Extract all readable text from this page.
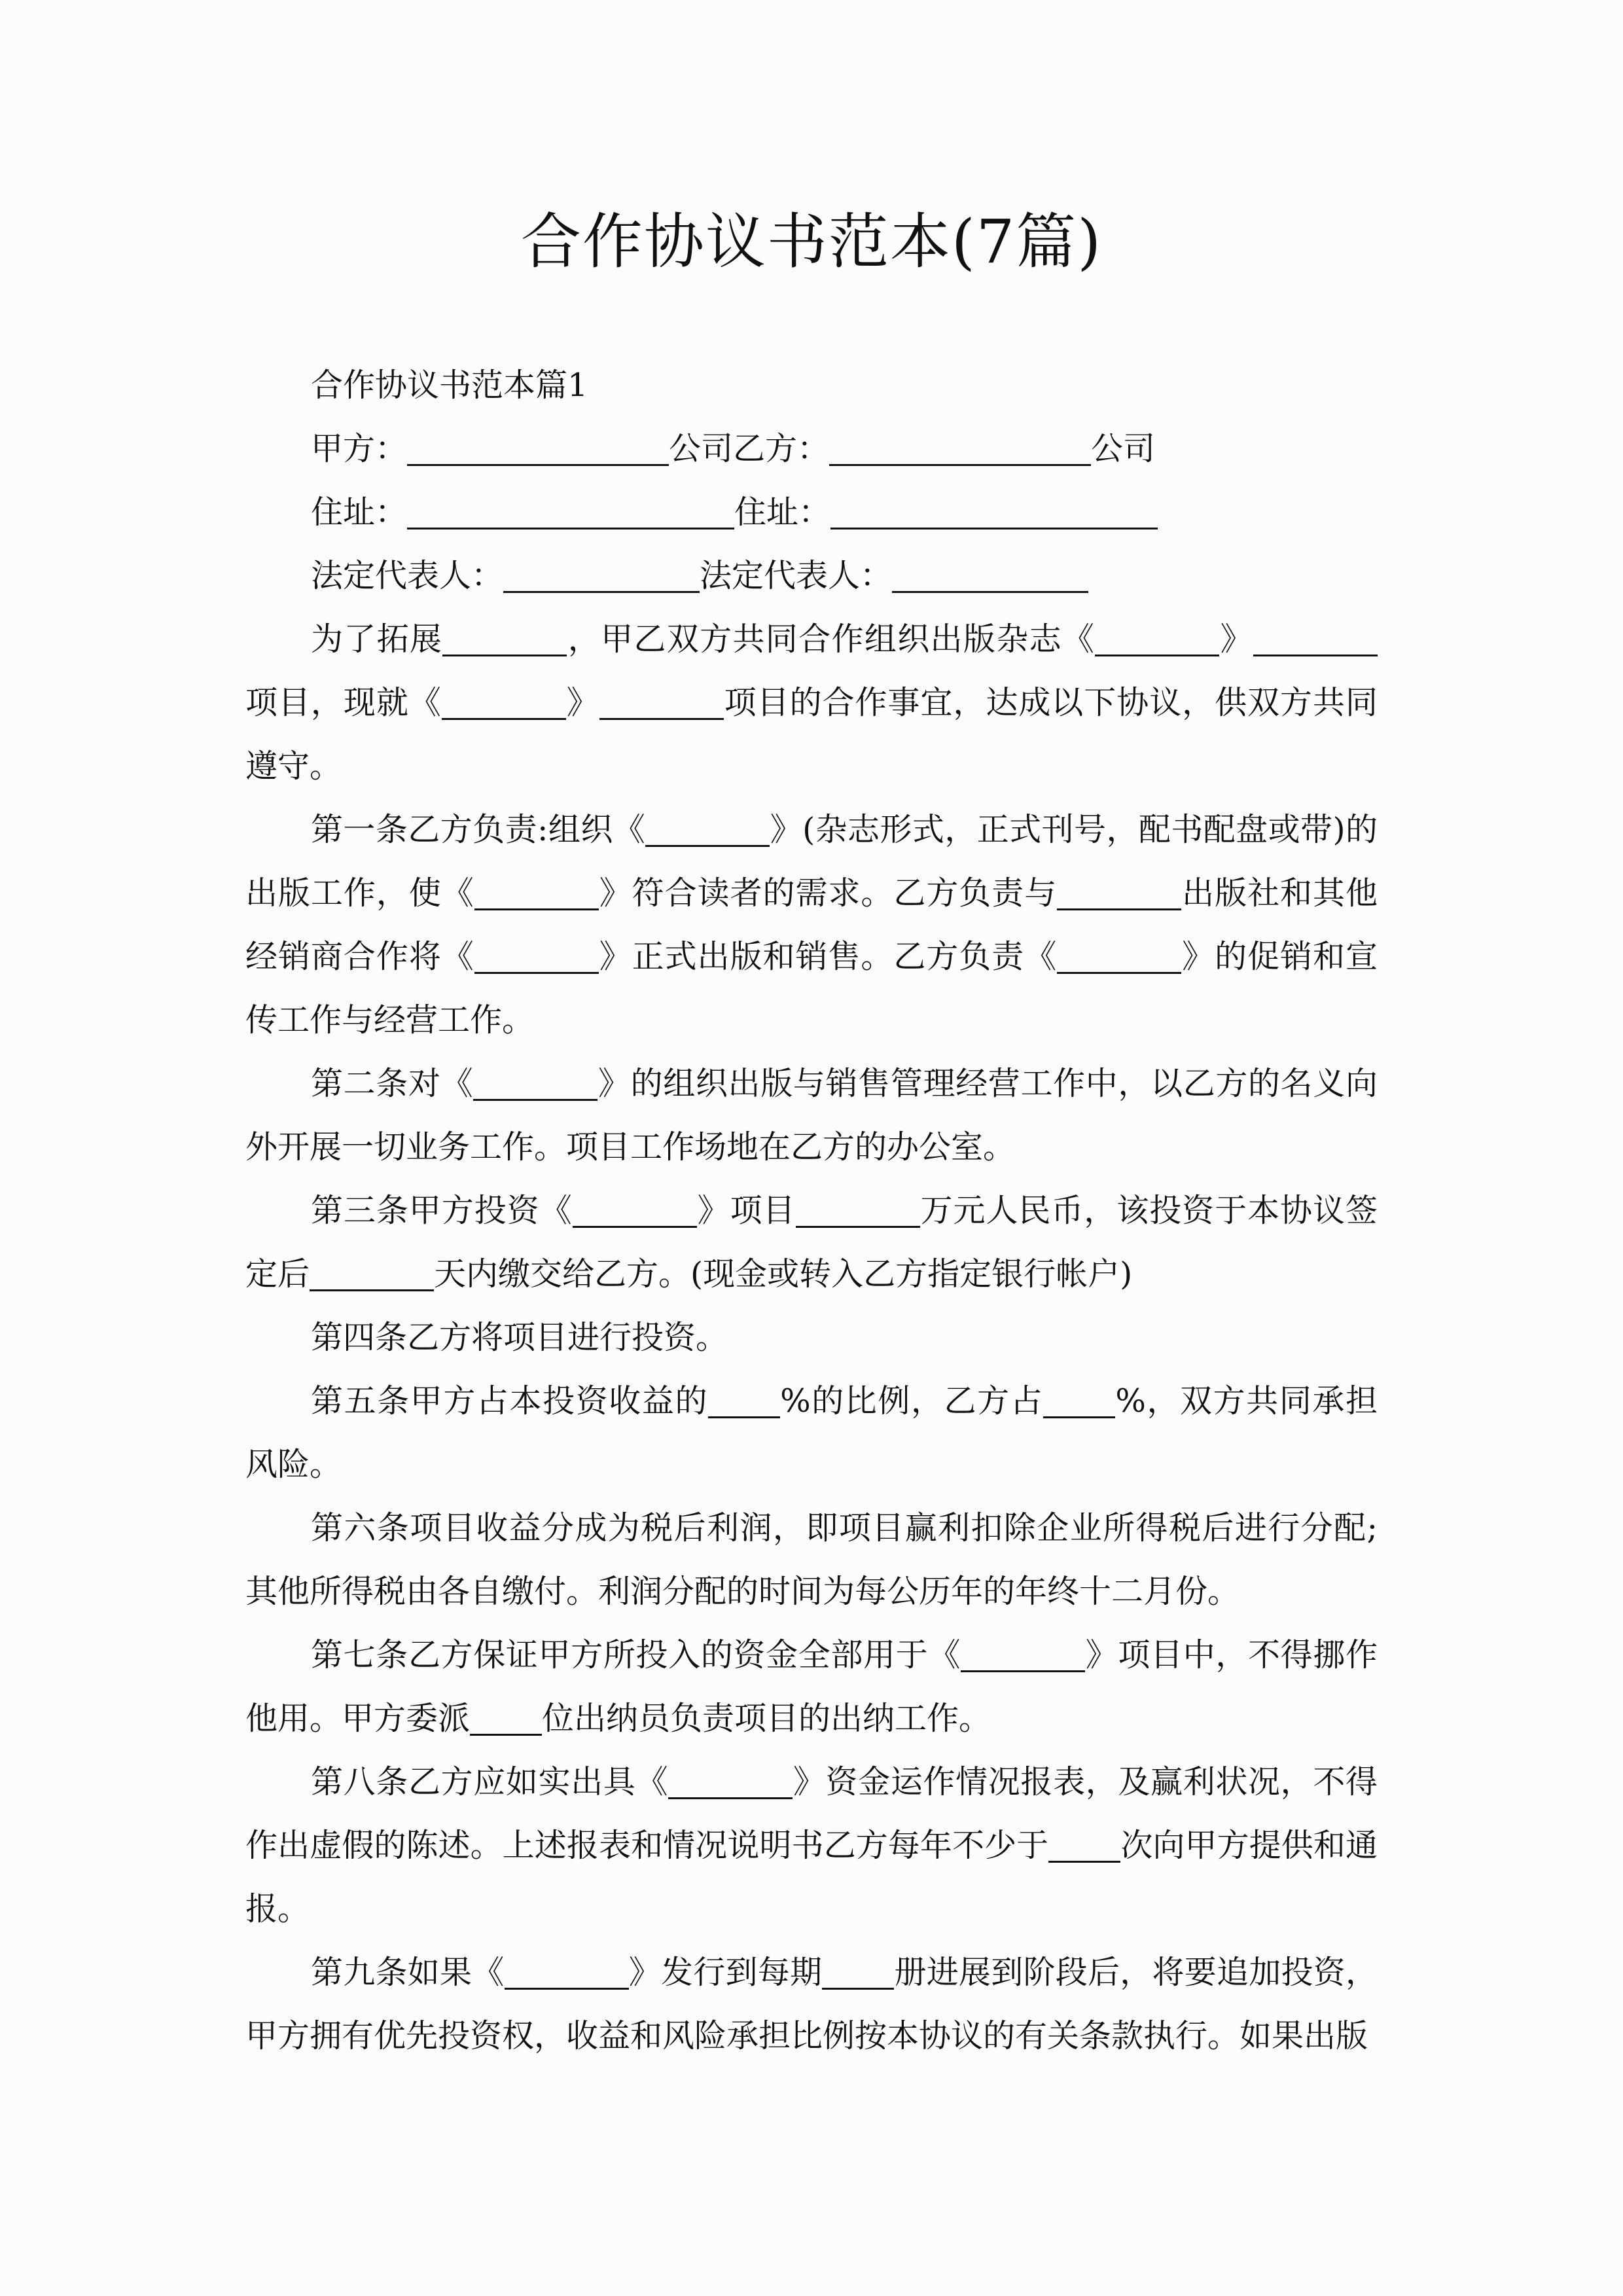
合作协议书范本(7篇)

合作协议书范本篇1

甲方：	公司乙方：	公司

住址：	住址：

法定代表人：	法定代表人：

为了拓展	，甲乙双方共同合作组织出版杂志《	》项目，现就《	》	项目的合作事宜，达成以下协议，供双方共同遵守。

第一条乙方负责:组织《	》(杂志形式，正式刊号，配书配盘或带)的出版工作，使《	》符合读者的需求。乙方负责与	出版社和其他经销商合作将《	》正式出版和销售。乙方负责《	》的促销和宣传工作与经营工作。

第二条对《	》的组织出版与销售管理经营工作中，以乙方的名义向外开展一切业务工作。项目工作场地在乙方的办公室。

第三条甲方投资《	》项目	万元人民币，该投资于本协议签定后	天内缴交给乙方。(现金或转入乙方指定银行帐户)

第四条乙方将项目进行投资。

第五条甲方占本投资收益的 %的比例，乙方占 %，双方共同承担风险。

第六条项目收益分成为税后利润，即项目赢利扣除企业所得税后进行分配;其他所得税由各自缴付。利润分配的时间为每公历年的年终十二月份。

第七条乙方保证甲方所投入的资金全部用于《	》项目中，不得挪作他用。甲方委派 位出纳员负责项目的出纳工作。

第八条乙方应如实出具《	》资金运作情况报表，及赢利状况，不得作出虚假的陈述。上述报表和情况说明书乙方每年不少于 次向甲方提供和通报。

第九条如果《	》发行到每期 册进展到阶段后，将要追加投资，甲方拥有优先投资权，收益和风险承担比例按本协议的有关条款执行。如果出版
